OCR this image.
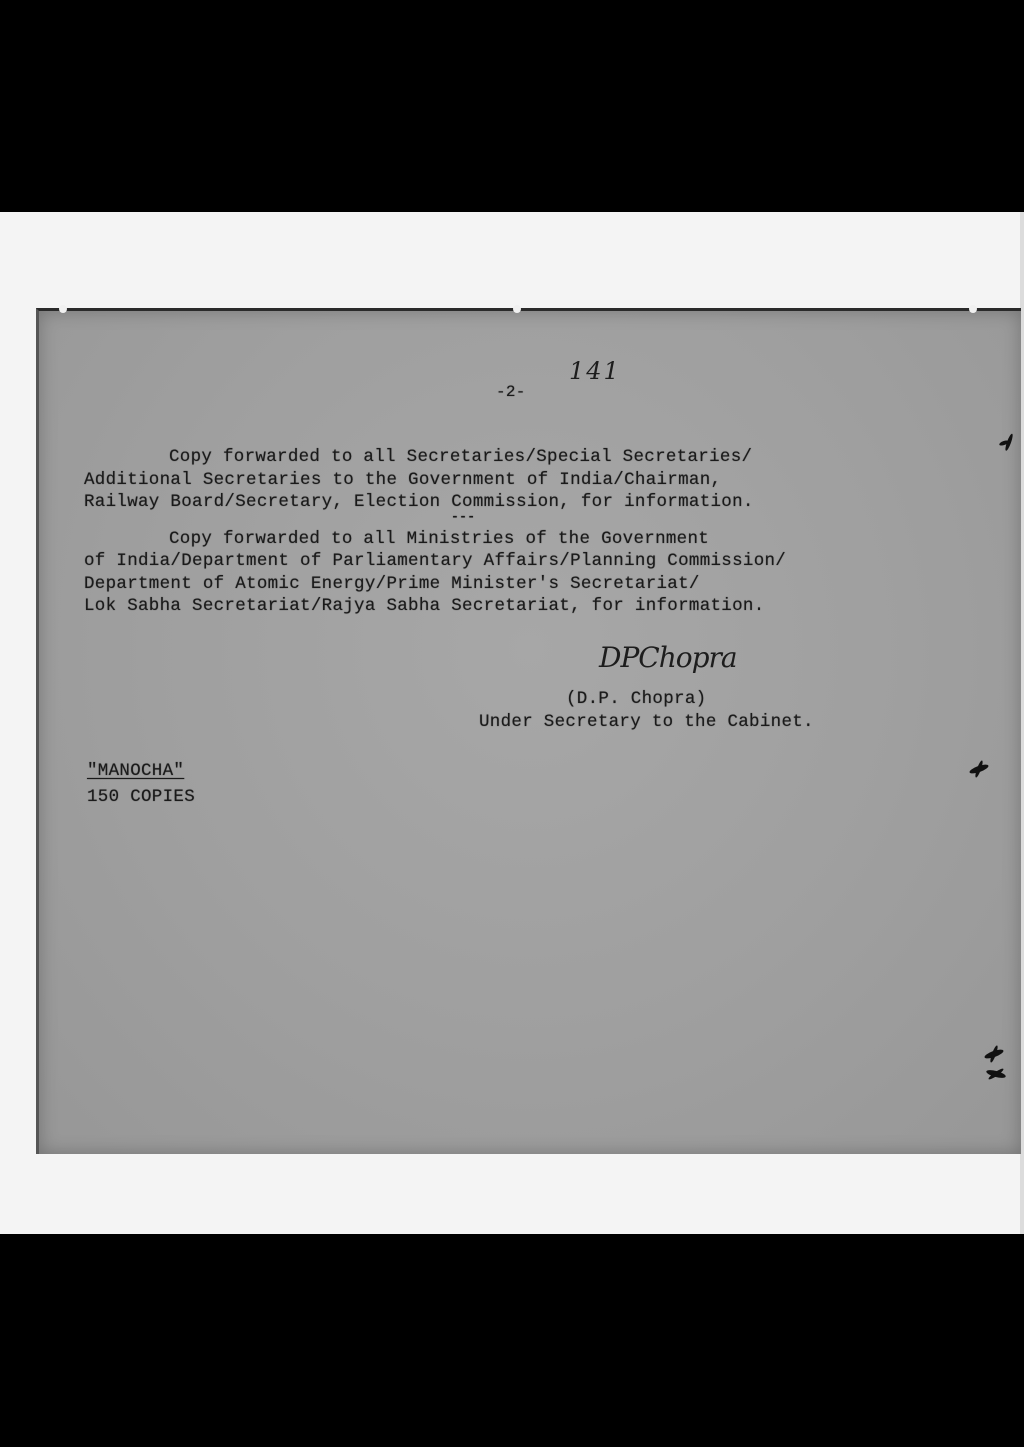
-2-
141
Copy forwarded to all Secretaries/Special Secretaries/
Additional Secretaries to the Government of India/Chairman,
Railway Board/Secretary, Election Commission, for information.
---
Copy forwarded to all Ministries of the Government
of India/Department of Parliamentary Affairs/Planning Commission/
Department of Atomic Energy/Prime Minister's Secretariat/
Lok Sabha Secretariat/Rajya Sabha Secretariat, for information.
DPChopra
(D.P. Chopra)
Under Secretary to the Cabinet.
"MANOCHA"
150 COPIES
